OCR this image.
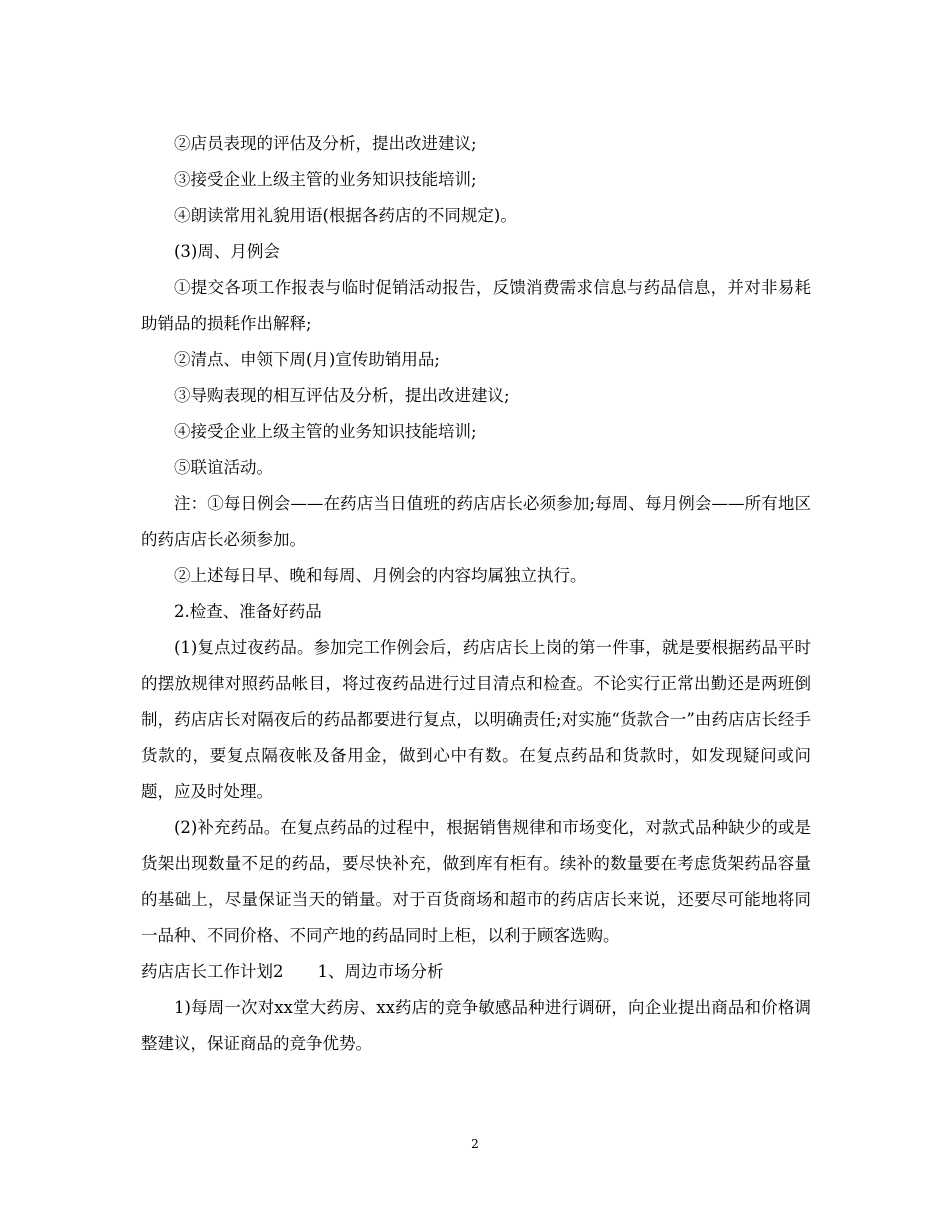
②店员表现的评估及分析，提出改进建议;

③接受企业上级主管的业务知识技能培训;

④朗读常用礼貌用语(根据各药店的不同规定)。

(3)周、月例会

①提交各项工作报表与临时促销活动报告，反馈消费需求信息与药品信息，并对非易耗助销品的损耗作出解释;

②清点、申领下周(月)宣传助销用品;

③导购表现的相互评估及分析，提出改进建议;

④接受企业上级主管的业务知识技能培训;

⑤联谊活动。

注：①每日例会——在药店当日值班的药店店长必须参加;每周、每月例会——所有地区的药店店长必须参加。

②上述每日早、晚和每周、月例会的内容均属独立执行。

2.检查、准备好药品

(1)复点过夜药品。参加完工作例会后，药店店长上岗的第一件事，就是要根据药品平时的摆放规律对照药品帐目，将过夜药品进行过目清点和检查。不论实行正常出勤还是两班倒制，药店店长对隔夜后的药品都要进行复点，以明确责任;对实施“货款合一”由药店店长经手货款的，要复点隔夜帐及备用金，做到心中有数。在复点药品和货款时，如发现疑问或问题，应及时处理。

(2)补充药品。在复点药品的过程中，根据销售规律和市场变化，对款式品种缺少的或是货架出现数量不足的药品，要尽快补充，做到库有柜有。续补的数量要在考虑货架药品容量的基础上，尽量保证当天的销量。对于百货商场和超市的药店店长来说，还要尽可能地将同一品种、不同价格、不同产地的药品同时上柜，以利于顾客选购。

药店店长工作计划2 1、周边市场分析

1)每周一次对xx堂大药房、xx药店的竞争敏感品种进行调研，向企业提出商品和价格调整建议，保证商品的竞争优势。

2
